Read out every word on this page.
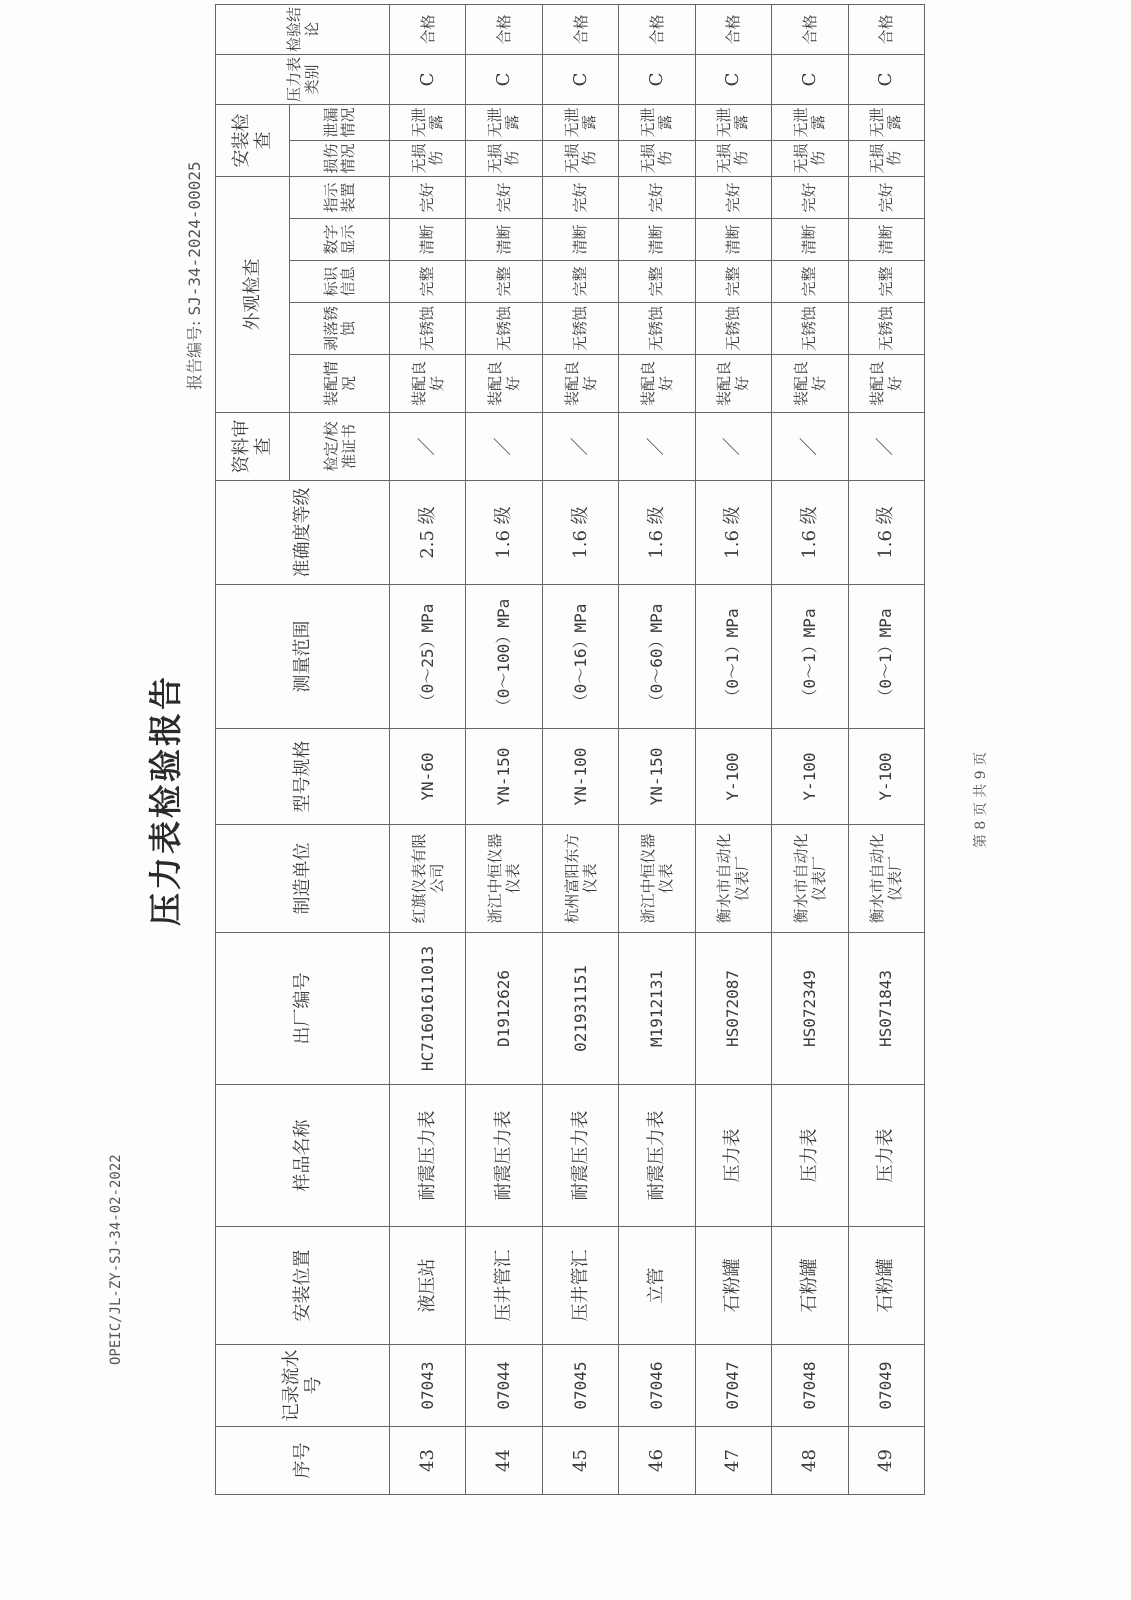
OPEIC/JL-ZY-SJ-34-02-2022
压力表检验报告
报告编号: SJ-34-2024-00025
序号	记录流水号	安装位置	样品名称	出厂编号	制造单位	型号规格	测量范围	准确度等级	资料审查	外观检查					安装检查		压力表类别	检验结论
									检定/校准证书	装配情况	剥落锈蚀	标识信息	数字显示	指示装置	损伤情况	泄漏情况		
43	07043	液压站	耐震压力表	HC71601611013	红旗仪表有限公司	YN-60	（0～25）MPa	2.5 级	／	装配良好	无锈蚀	完整	清断	完好	无损伤	无泄露	C	合格
44	07044	压井管汇	耐震压力表	D1912626	浙江中恒仪器仪表	YN-150	（0～100）MPa	1.6 级	／	装配良好	无锈蚀	完整	清断	完好	无损伤	无泄露	C	合格
45	07045	压井管汇	耐震压力表	021931151	杭州富阳东方仪表	YN-100	（0～16）MPa	1.6 级	／	装配良好	无锈蚀	完整	清断	完好	无损伤	无泄露	C	合格
46	07046	立管	耐震压力表	M1912131	浙江中恒仪器仪表	YN-150	（0～60）MPa	1.6 级	／	装配良好	无锈蚀	完整	清断	完好	无损伤	无泄露	C	合格
47	07047	石粉罐	压力表	HS072087	衡水市自动化仪表厂	Y-100	（0～1）MPa	1.6 级	／	装配良好	无锈蚀	完整	清断	完好	无损伤	无泄露	C	合格
48	07048	石粉罐	压力表	HS072349	衡水市自动化仪表厂	Y-100	（0～1）MPa	1.6 级	／	装配良好	无锈蚀	完整	清断	完好	无损伤	无泄露	C	合格
49	07049	石粉罐	压力表	HS071843	衡水市自动化仪表厂	Y-100	（0～1）MPa	1.6 级	／	装配良好	无锈蚀	完整	清断	完好	无损伤	无泄露	C	合格
第 8 页 共 9 页
